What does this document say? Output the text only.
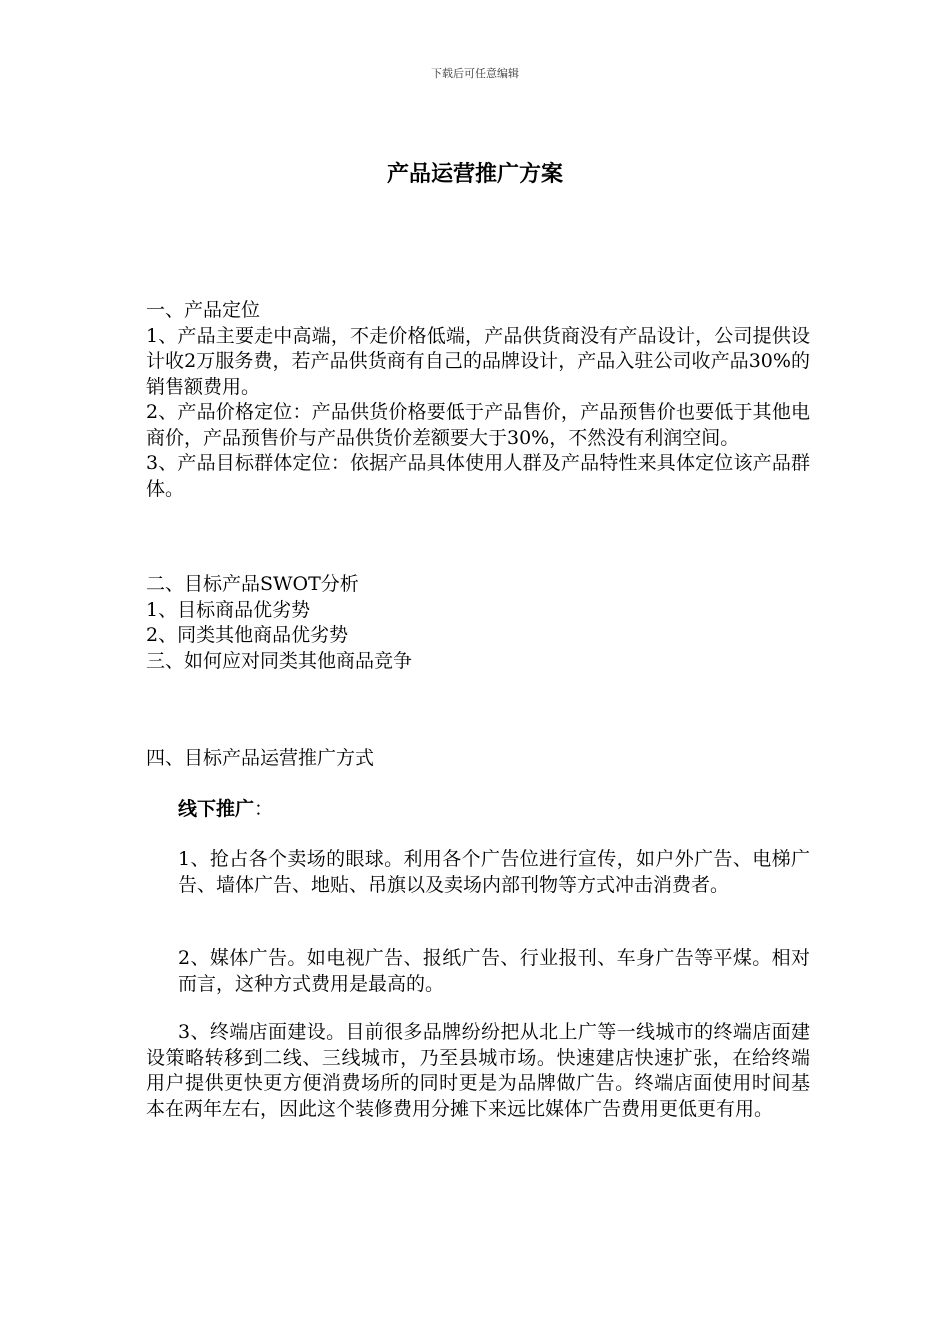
下载后可任意编辑
产品运营推广方案

一、产品定位

1、产品主要走中高端，不走价格低端，产品供货商没有产品设计，公司提供设计收2万服务费，若产品供货商有自己的品牌设计，产品入驻公司收产品30%的销售额费用。

2、产品价格定位：产品供货价格要低于产品售价，产品预售价也要低于其他电商价，产品预售价与产品供货价差额要大于30%，不然没有利润空间。

3、产品目标群体定位：依据产品具体使用人群及产品特性来具体定位该产品群体。

二、目标产品SWOT分析

1、目标商品优劣势

2、同类其他商品优劣势

三、如何应对同类其他商品竞争

四、目标产品运营推广方式

线下推广：

1、抢占各个卖场的眼球。利用各个广告位进行宣传，如户外广告、电梯广告、墙体广告、地贴、吊旗以及卖场内部刊物等方式冲击消费者。

2、媒体广告。如电视广告、报纸广告、行业报刊、车身广告等平煤。相对而言，这种方式费用是最高的。

3、终端店面建设。目前很多品牌纷纷把从北上广等一线城市的终端店面建设策略转移到二线、三线城市，乃至县城市场。快速建店快速扩张，在给终端用户提供更快更方便消费场所的同时更是为品牌做广告。终端店面使用时间基本在两年左右，因此这个装修费用分摊下来远比媒体广告费用更低更有用。
